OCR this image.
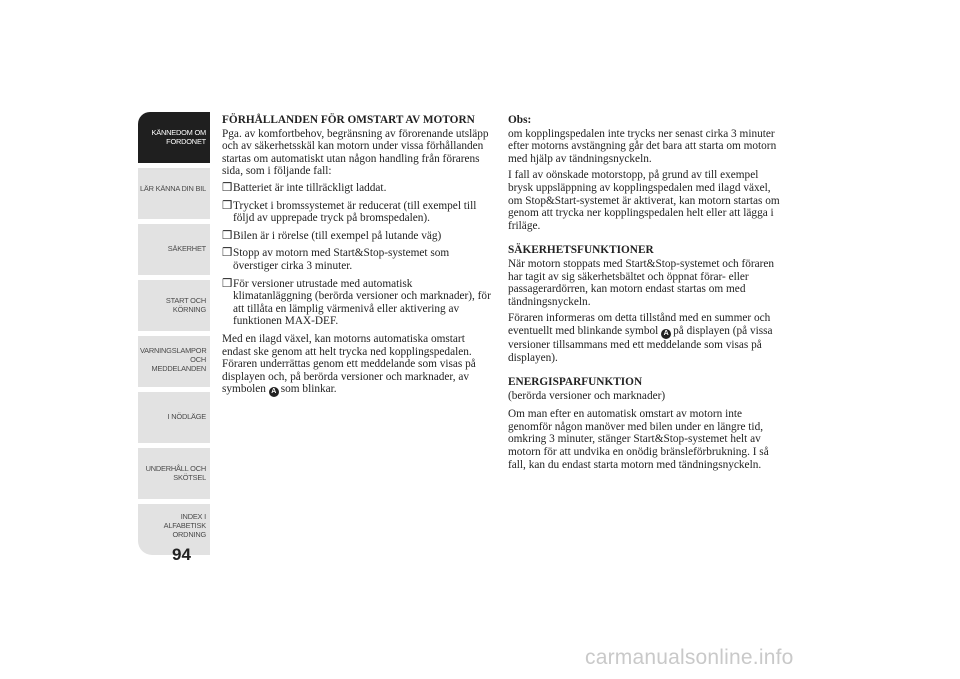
KÄNNEDOM OM FORDONET
LÄR KÄNNA DIN BIL
SÄKERHET
START OCH KÖRNING
VARNINGSLAMPOR OCH MEDDELANDEN
I NÖDLÄGE
UNDERHÅLL OCH SKÖTSEL
INDEX I ALFABETISK ORDNING
94
FÖRHÅLLANDEN FÖR OMSTART AV MOTORN
Pga. av komfortbehov, begränsning av förorenande utsläpp och av säkerhetsskäl kan motorn under vissa förhållanden startas om automatiskt utan någon handling från förarens sida, som i följande fall:
❒ Batteriet är inte tillräckligt laddat.
❒ Trycket i bromssystemet är reducerat (till exempel till följd av upprepade tryck på bromspedalen).
❒ Bilen är i rörelse (till exempel på lutande väg)
❒ Stopp av motorn med Start&Stop-systemet som överstiger cirka 3 minuter.
❒ För versioner utrustade med automatisk klimatanläggning (berörda versioner och marknader), för att tillåta en lämplig värmenivå eller aktivering av funktionen MAX-DEF.
Med en ilagd växel, kan motorns automatiska omstart endast ske genom att helt trycka ned kopplingspedalen. Föraren underrättas genom ett meddelande som visas på displayen och, på berörda versioner och marknader, av symbolen A som blinkar.
Obs:
om kopplingspedalen inte trycks ner senast cirka 3 minuter efter motorns avstängning går det bara att starta om motorn med hjälp av tändningsnyckeln.
I fall av oönskade motorstopp, på grund av till exempel brysk uppsläppning av kopplingspedalen med ilagd växel, om Stop&Start-systemet är aktiverat, kan motorn startas om genom att trycka ner kopplingspedalen helt eller att lägga i friläge.
SÄKERHETSFUNKTIONER
När motorn stoppats med Start&Stop-systemet och föraren har tagit av sig säkerhetsbältet och öppnat förar- eller passagerardörren, kan motorn endast startas om med tändningsnyckeln.
Föraren informeras om detta tillstånd med en summer och eventuellt med blinkande symbol A på displayen (på vissa versioner tillsammans med ett meddelande som visas på displayen).
ENERGISPARFUNKTION
(berörda versioner och marknader)
Om man efter en automatisk omstart av motorn inte genomför någon manöver med bilen under en längre tid, omkring 3 minuter, stänger Start&Stop-systemet helt av motorn för att undvika en onödig bränsleförbrukning. I så fall, kan du endast starta motorn med tändningsnyckeln.
carmanualsonline.info
